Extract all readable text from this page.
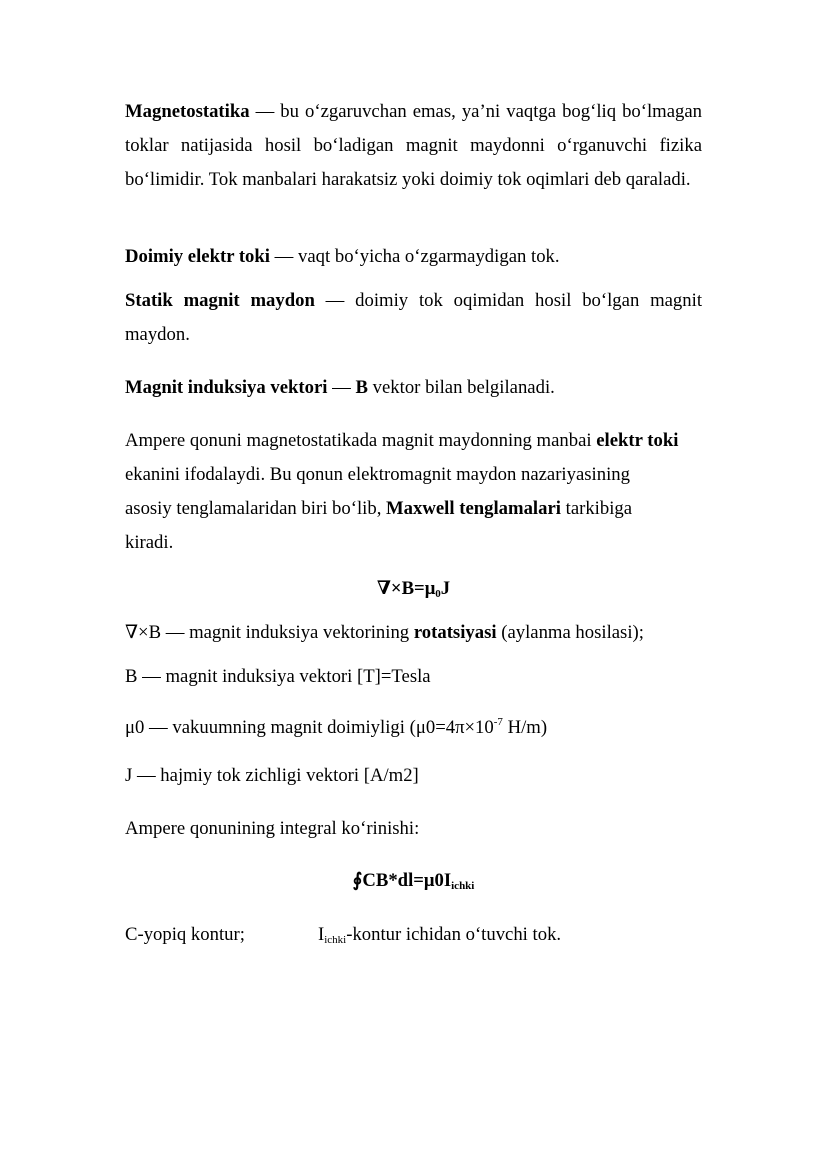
Magnetostatika — bu o‘zgaruvchan emas, ya’ni vaqtga bog‘liq bo‘lmagan toklar natijasida hosil bo‘ladigan magnit maydonni o‘rganuvchi fizika bo‘limidir. Tok manbalari harakatsiz yoki doimiy tok oqimlari deb qaraladi.
Doimiy elektr toki — vaqt bo‘yicha o‘zgarmaydigan tok.
Statik magnit maydon — doimiy tok oqimidan hosil bo‘lgan magnit maydon.
Magnit induksiya vektori — B vektor bilan belgilanadi.
Ampere qonuni magnetostatikada magnit maydonning manbai elektr toki
ekanini ifodalaydi. Bu qonun elektromagnit maydon nazariyasining
asosiy tenglamalaridan biri bo‘lib, Maxwell tenglamalari tarkibiga
kiradi.
$\nabla\times B=\mu_0J$
∇×B — magnit induksiya vektorining rotatsiyasi (aylanma hosilasi);
B — magnit induksiya vektori [T]=Tesla
μ0 — vakuumning magnit doimiyligi ($\mu 0=4\pi\times 10^{-7}$ H/m)
J — hajmiy tok zichligi vektori [A/m2]
Ampere qonunining integral ko‘rinishi:
$∮CB*dl=\mu 0I_{ichki}$
C-yopiq kontur;	$I_{ichki}$-kontur ichidan o‘tuvchi tok.
